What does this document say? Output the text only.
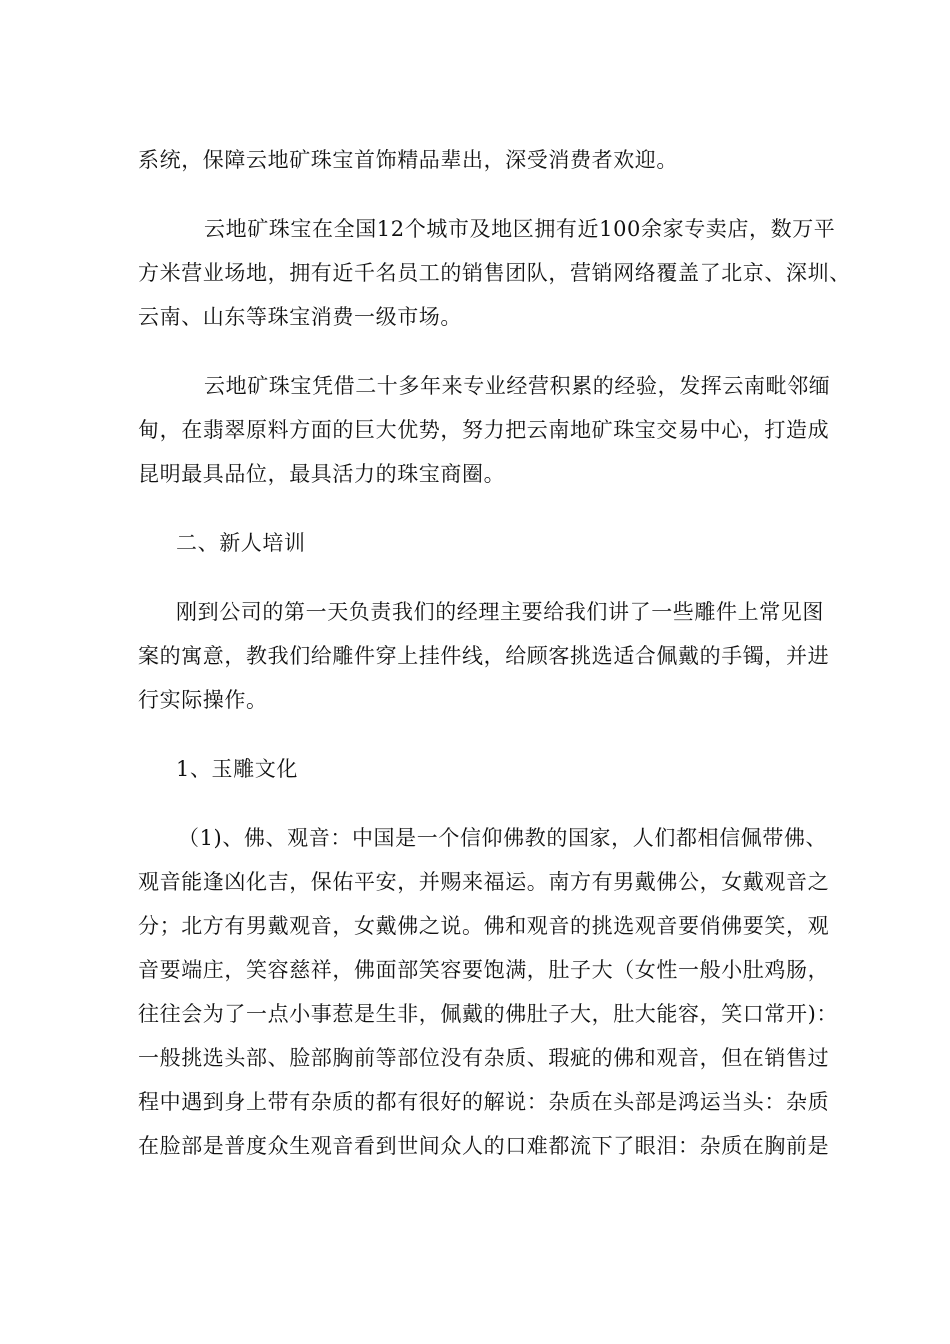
系统，保障云地矿珠宝首饰精品辈出，深受消费者欢迎。

云地矿珠宝在全国12个城市及地区拥有近100余家专卖店，数万平
方米营业场地，拥有近千名员工的销售团队，营销网络覆盖了北京、深圳、
云南、山东等珠宝消费一级市场。

云地矿珠宝凭借二十多年来专业经营积累的经验，发挥云南毗邻缅
甸，在翡翠原料方面的巨大优势，努力把云南地矿珠宝交易中心，打造成
昆明最具品位，最具活力的珠宝商圈。

二、新人培训

刚到公司的第一天负责我们的经理主要给我们讲了一些雕件上常见图
案的寓意，教我们给雕件穿上挂件线，给顾客挑选适合佩戴的手镯，并进
行实际操作。

1、玉雕文化

（1)、佛、观音：中国是一个信仰佛教的国家，人们都相信佩带佛、
观音能逢凶化吉，保佑平安，并赐来福运。南方有男戴佛公，女戴观音之
分；北方有男戴观音，女戴佛之说。佛和观音的挑选观音要俏佛要笑，观
音要端庄，笑容慈祥，佛面部笑容要饱满，肚子大（女性一般小肚鸡肠，
往往会为了一点小事惹是生非，佩戴的佛肚子大，肚大能容，笑口常开)：
一般挑选头部、脸部胸前等部位没有杂质、瑕疵的佛和观音，但在销售过
程中遇到身上带有杂质的都有很好的解说：杂质在头部是鸿运当头：杂质
在脸部是普度众生观音看到世间众人的口难都流下了眼泪：杂质在胸前是
